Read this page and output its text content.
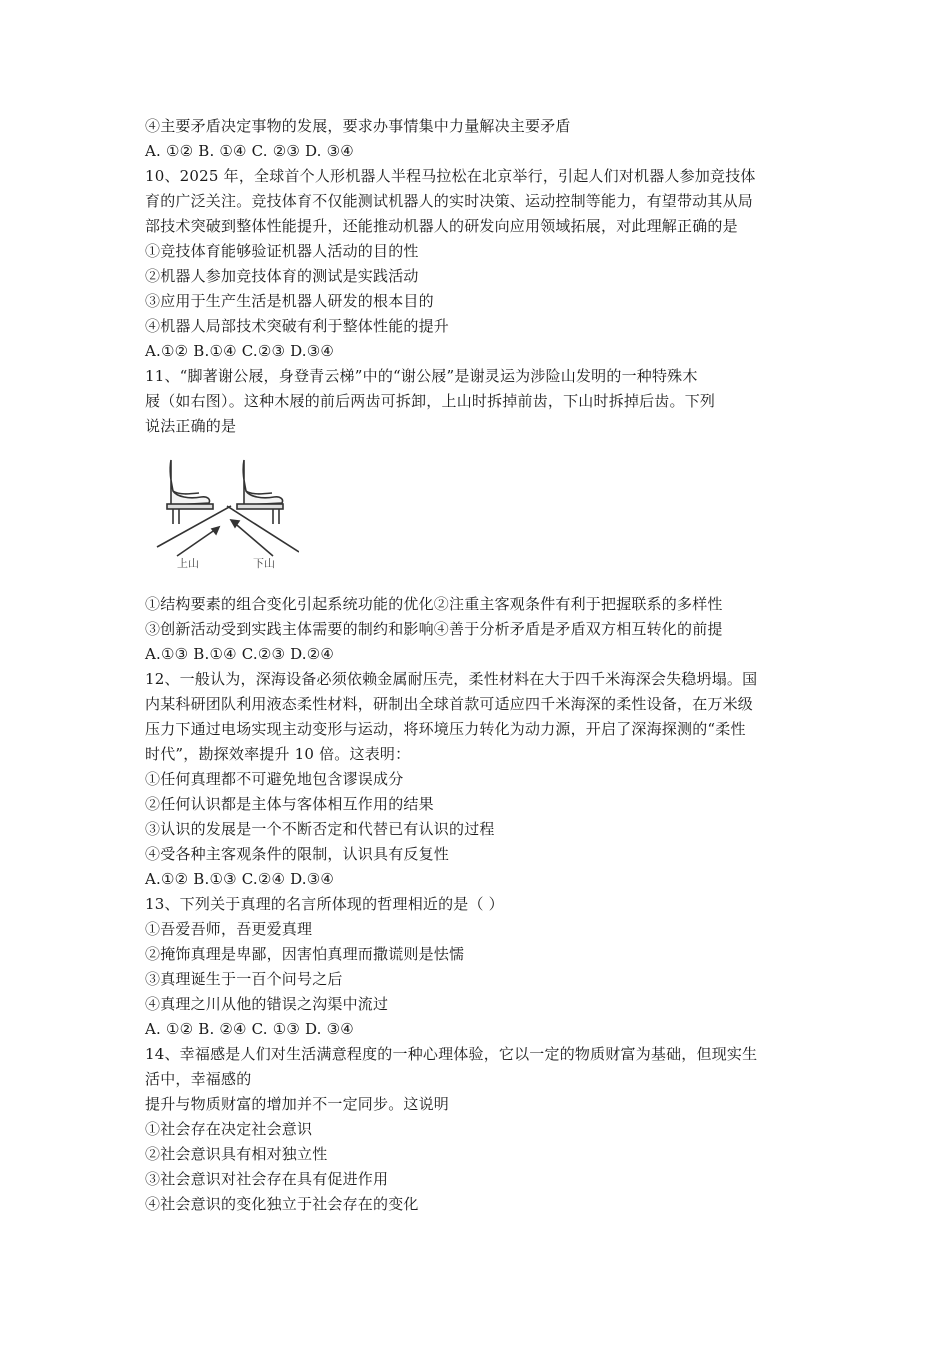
④主要矛盾决定事物的发展，要求办事情集中力量解决主要矛盾
A. ①② B. ①④ C. ②③ D. ③④
10、2025 年，全球首个人形机器人半程马拉松在北京举行，引起人们对机器人参加竞技体
育的广泛关注。竞技体育不仅能测试机器人的实时决策、运动控制等能力，有望带动其从局
部技术突破到整体性能提升，还能推动机器人的研发向应用领域拓展，对此理解正确的是
①竞技体育能够验证机器人活动的目的性
②机器人参加竞技体育的测试是实践活动
③应用于生产生活是机器人研发的根本目的
④机器人局部技术突破有利于整体性能的提升
A.①② B.①④ C.②③ D.③④
11、“脚著谢公屐，身登青云梯”中的“谢公屐”是谢灵运为涉险山发明的一种特殊木
屐（如右图）。这种木屐的前后两齿可拆卸，上山时拆掉前齿，下山时拆掉后齿。下列
说法正确的是
上山	下山
①结构要素的组合变化引起系统功能的优化②注重主客观条件有利于把握联系的多样性
③创新活动受到实践主体需要的制约和影响④善于分析矛盾是矛盾双方相互转化的前提
A.①③ B.①④ C.②③ D.②④
12、一般认为，深海设备必须依赖金属耐压壳，柔性材料在大于四千米海深会失稳坍塌。国
内某科研团队利用液态柔性材料，研制出全球首款可适应四千米海深的柔性设备，在万米级
压力下通过电场实现主动变形与运动，将环境压力转化为动力源，开启了深海探测的“柔性
时代”，勘探效率提升 10 倍。这表明：
①任何真理都不可避免地包含谬误成分
②任何认识都是主体与客体相互作用的结果
③认识的发展是一个不断否定和代替已有认识的过程
④受各种主客观条件的限制，认识具有反复性
A.①② B.①③ C.②④ D.③④
13、下列关于真理的名言所体现的哲理相近的是（ ）
①吾爱吾师，吾更爱真理
②掩饰真理是卑鄙，因害怕真理而撒谎则是怯懦
③真理诞生于一百个问号之后
④真理之川从他的错误之沟渠中流过
A. ①② B. ②④ C. ①③ D. ③④
14、幸福感是人们对生活满意程度的一种心理体验，它以一定的物质财富为基础，但现实生
活中，幸福感的
提升与物质财富的增加并不一定同步。这说明
①社会存在决定社会意识
②社会意识具有相对独立性
③社会意识对社会存在具有促进作用
④社会意识的变化独立于社会存在的变化
